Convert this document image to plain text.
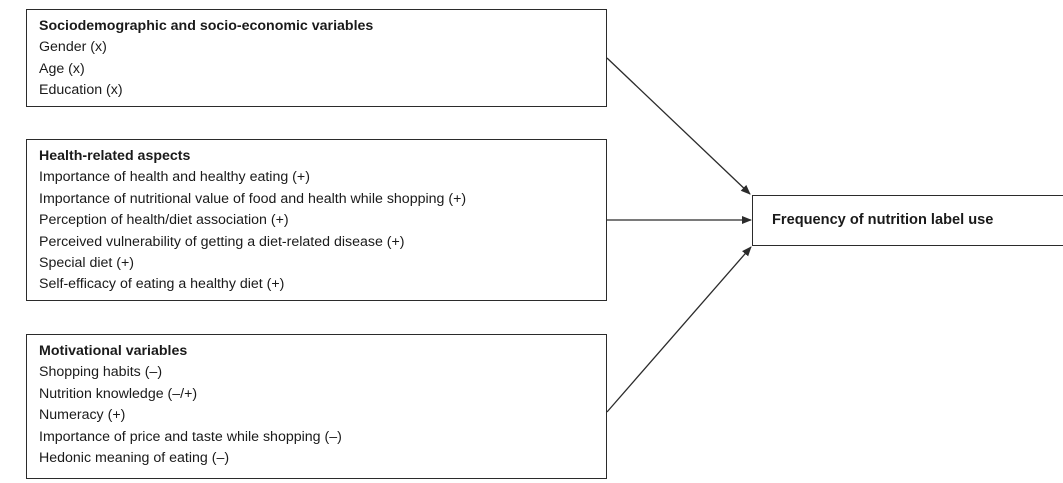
Sociodemographic and socio-economic variables
Gender (x)
Age (x)
Education (x)
Health-related aspects
Importance of health and healthy eating (+)
Importance of nutritional value of food and health while shopping (+)
Perception of health/diet association (+)
Perceived vulnerability of getting a diet-related disease (+)
Special diet (+)
Self-efficacy of eating a healthy diet (+)
Motivational variables
Shopping habits (–)
Nutrition knowledge (–/+)
Numeracy (+)
Importance of price and taste while shopping (–)
Hedonic meaning of eating (–)
Frequency of nutrition label use
